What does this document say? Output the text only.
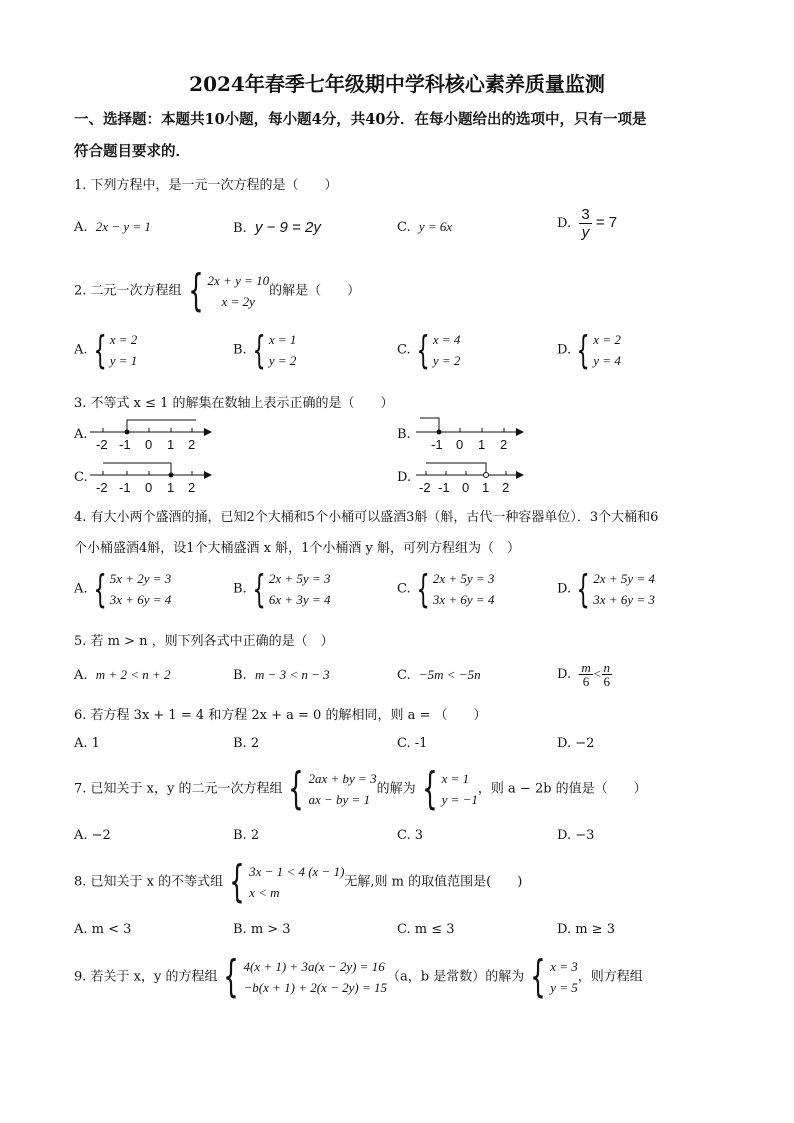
2024年春季七年级期中学科核心素养质量监测
一、选择题：本题共10小题，每小题4分，共40分．在每小题给出的选项中，只有一项是
符合题目要求的．
1. 下列方程中，是一元一次方程的是（　　）
A. 2x − y = 1	B. y − 9 = 2y	C. y = 6x	D. $\frac{3}{y} = 7$
2. 二元一次方程组 { 2x + y = 10
x = 2y
的解是（　　）
A. { x = 2
y = 1
B. { x = 1
y = 2
C. { x = 4
y = 2
D. { x = 2
y = 4
3. 不等式 x ≤ 1 的解集在数轴上表示正确的是（　　）
A.	B.
C.	D.
-2 -1 0 1 2	-1 0 1 2
-2 -1 0 1 2	-2 -1 0 1 2
4. 有大小两个盛酒的捅，已知2个大桶和5个小桶可以盛酒3斛（斛，古代一种容器单位）．3个大桶和6
个小桶盛酒4斛，设1个大桶盛酒 x 斛，1个小桶酒 y 斛，可列方程组为（　）
A. { 5x + 2y = 3
3x + 6y = 4
B. { 2x + 5y = 3
6x + 3y = 4
C. { 2x + 5y = 3
3x + 6y = 4
D. { 2x + 5y = 4
3x + 6y = 3
5. 若 m > n ，则下列各式中正确的是（　）
A. m + 2 < n + 2	B. m − 3 < n − 3	C. −5m < −5n	D. $\frac{m}{6} < \frac{n}{6}$
6. 若方程 3x + 1 = 4 和方程 2x + a = 0 的解相同，则 a = （　　）
A. 1	B. 2	C. -1	D. −2
7. 已知关于 x，y 的二元一次方程组 { 2ax + by = 3
ax − by = 1
的解为 { x = 1
y = −1
，则 a − 2b 的值是（　　）
A. −2	B. 2	C. 3	D. −3
8. 已知关于 x 的不等式组 { 3x − 1 < 4 (x − 1)
x < m
无解,则 m 的取值范围是(　　)
A. m < 3	B. m > 3	C. m ≤ 3	D. m ≥ 3
9. 若关于 x，y 的方程组 { 4(x + 1) + 3a(x − 2y) = 16
−b(x + 1) + 2(x − 2y) = 15
（a，b 是常数）的解为 { x = 3
y = 5
，则方程组
